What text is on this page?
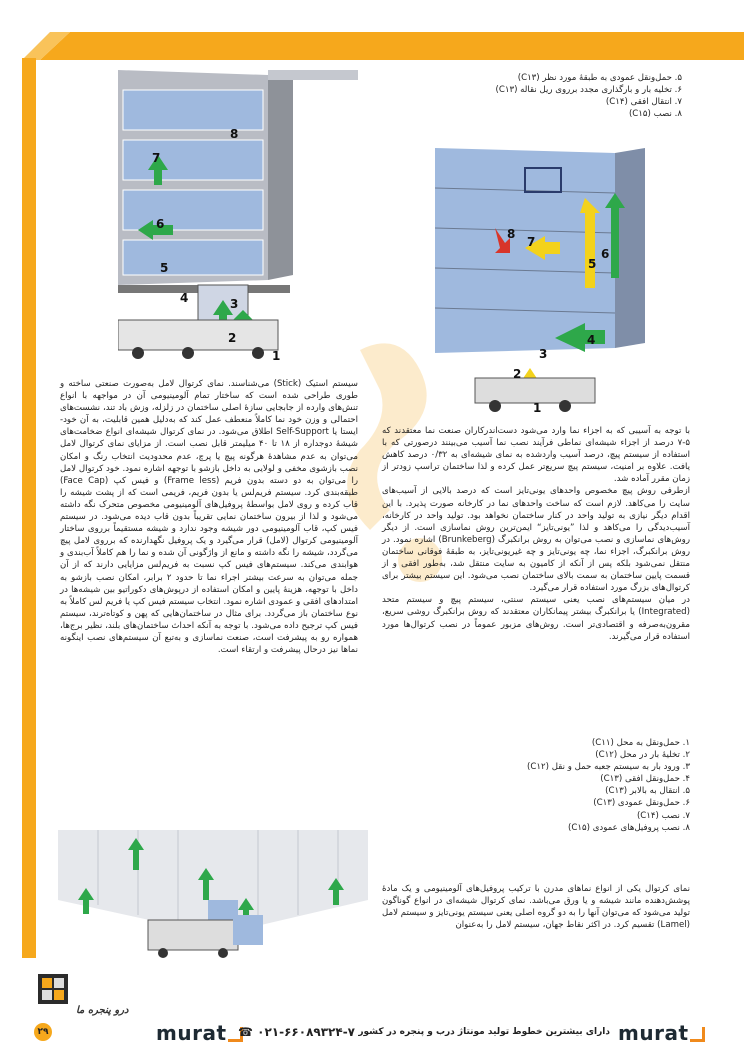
۵. حمل‌ونقل عمودی به طبقهٔ مورد نظر (C۱۳)
۶. تخلیه بار و بارگذاری مجدد برروی ریل نقاله (C۱۳)
۷. انتقال افقی (C۱۴)
۸. نصب (C۱۵)
8
7
6
5
4	3
2
1
8
7
6
5
4
3
2
1

سیستم استیک (Stick) می‌شناسند. نمای کرتوال لامل به‌صورت صنعتی ساخته و طوری طراحی شده است که ساختار تمام آلومینیومی آن در مواجهه با انواع تنش‌های وارده از جابجایی سازهٔ اصلی ساختمان در زلزله، وزش باد تند، نشست‌های احتمالی و وزن خود نما کاملاً منعطف عمل کند که به‌دلیل همین قابلیت، به آن خود-ایستا یا Self-Support اطلاق می‌شود. در نمای کرتوال شیشه‌ای انواع ضخامت‌های شیشهٔ دوجداره از ۱۸ تا ۴۰ میلیمتر قابل نصب است. از مزایای نمای کرتوال لامل می‌توان به عدم مشاهدهٔ هرگونه پیچ یا پرچ، عدم محدودیت انتخاب رنگ و امکان نصب بازشوی مخفی و لولایی به داخل بازشو با توجهه اشاره نمود. خود کرتوال لامل را می‌توان به دو دسته بدون فریم (Frame less) و فیس کپ (Face Cap) طبقه‌بندی کرد. سیستم فریم‌لس یا بدون فریم، فریمی است که از پشت شیشه را قاب کرده و روی لامل بواسطهٔ پروفیل‌های آلومینیومی مخصوص متحرک نگه داشته می‌شود و لذا از بیرون ساختمان نمایی تقریباً بدون قاب دیده می‌شود. در سیستم فیس کپ، قاب آلومینیومی دور شیشه وجود ندارد و شیشه مستقیماً برروی ساختار آلومینیومی کرتوال (لامل) قرار می‌گیرد و یک پروفیل نگهدارنده که برروی لامل پیچ می‌گردد، شیشه را نگه داشته و مانع از واژگونی آن شده و نما را هم کاملاً آب‌بندی و هوابندی می‌کند. سیستم‌های فیس کپ نسبت به فریم‌لس مزایایی دارند که از آن جمله می‌توان به سرعت بیشتر اجراء نما تا حدود ۲ برابر، امکان نصب بازشو به داخل با توجهه، هزینهٔ پایین و امکان استفاده از درپوش‌های دکوراتیو بین شیشه‌ها در امتدادهای افقی و عمودی اشاره نمود. انتخاب سیستم فیس کپ یا فریم لس کاملاً به نوع ساختمان باز می‌گردد. برای مثال در ساختمان‌هایی که پهن و کوتاه‌ترند، سیستم فیس کپ ترجیح داده می‌شود. با توجه به آنکه احداث ساختمان‌های بلند، نظیر برج‌ها، همواره رو به پیشرفت است، صنعت نماسازی و به‌تبع آن سیستم‌های نصب اینگونه نماها نیز درحال پیشرفت و ارتقاء است.

با توجه به آسیبی که به اجزاء نما وارد می‌شود دست‌اندرکاران صنعت نما معتقدند که ۵-۷ درصد از اجزاء شیشه‌ای نماطی فرآیند نصب نما آسیب می‌بینند درصورتی که با استفاده از سیستم پیچ، درصد آسیب واردشده به نمای شیشه‌ای به ۰/۳۲ درصد کاهش یافت. علاوه بر امنیت، سیستم پیچ سریع‌تر عمل کرده و لذا ساختمان تراسپ زودتر از زمان مقرر آماده شد.

ازطرفی روش پیچ مخصوص واحدهای یونی‌تایز است که درصد بالایی از آسیب‌های سایت را می‌کاهد. لازم است که ساخت واحدهای نما در کارخانه صورت پذیرد. با این اقدام دیگر نیازی به تولید واحد در کنار ساختمان نخواهد بود. تولید واحد در کارخانه، آسیب‌دیدگی را می‌کاهد و لذا ”یونی‌تایز“ ایمن‌ترین روش نماسازی است. از دیگر روش‌های نماسازی و نصب می‌توان به روش برانکبرگ (Brunkeberg) اشاره نمود. در روش برانکبرگ، اجزاء نما، چه یونی‌تایز و چه غیریونی‌تایز، به طبقهٔ فوقانی ساختمان منتقل نمی‌شود بلکه پس از آنکه از کامیون به سایت منتقل شد، به‌طور افقی و از قسمت پایین ساختمان به سمت بالای ساختمان نصب می‌شود. این سیستم بیشتر برای کرتوال‌های بزرگ مورد استفاده قرار می‌گیرد.

در میان سیستم‌های نصب یعنی سیستم سنتی، سیستم پیچ و سیستم متحد (Integrated) یا برانکبرگ بیشتر پیمانکاران معتقدند که روش برانکبرگ روشی سریع، مقرون‌به‌صرفه و اقتصادی‌تر است. روش‌های مزبور عموماً در نصب کرتوال‌ها مورد استفاده قرار می‌گیرند.

۱. حمل‌ونقل به محل (C۱۱)
۲. تخلیهٔ بار در محل (C۱۲)
۳. ورود بار به سیستم جعبه حمل و نقل (C۱۲)
۴. حمل‌ونقل افقی (C۱۳)
۵. انتقال به بالابر (C۱۳)
۶. حمل‌ونقل عمودی (C۱۳)
۷. نصب (C۱۴)
۸. نصب پروفیل‌های عمودی (C۱۵)

نمای کرتوال یکی از انواع نماهای مدرن با ترکیب پروفیل‌های آلومینیومی و یک مادهٔ پوشش‌دهنده مانند شیشه و یا ورق می‌باشد. نمای کرتوال شیشه‌ای در انواع گوناگون تولید می‌شود که می‌توان آنها را به دو گروه اصلی یعنی سیستم یونی‌تایز و سیستم لامل (Lamel) تقسیم کرد. در اکثر نقاط جهان، سیستم لامل را به‌عنوان

۲۹
درو پنجره ما
murat ☎ ۰۲۱-۶۶۰۸۹۳۲۴-۷ دارای بیشترین خطوط تولید مونتاژ درب و پنجره در کشور murat
